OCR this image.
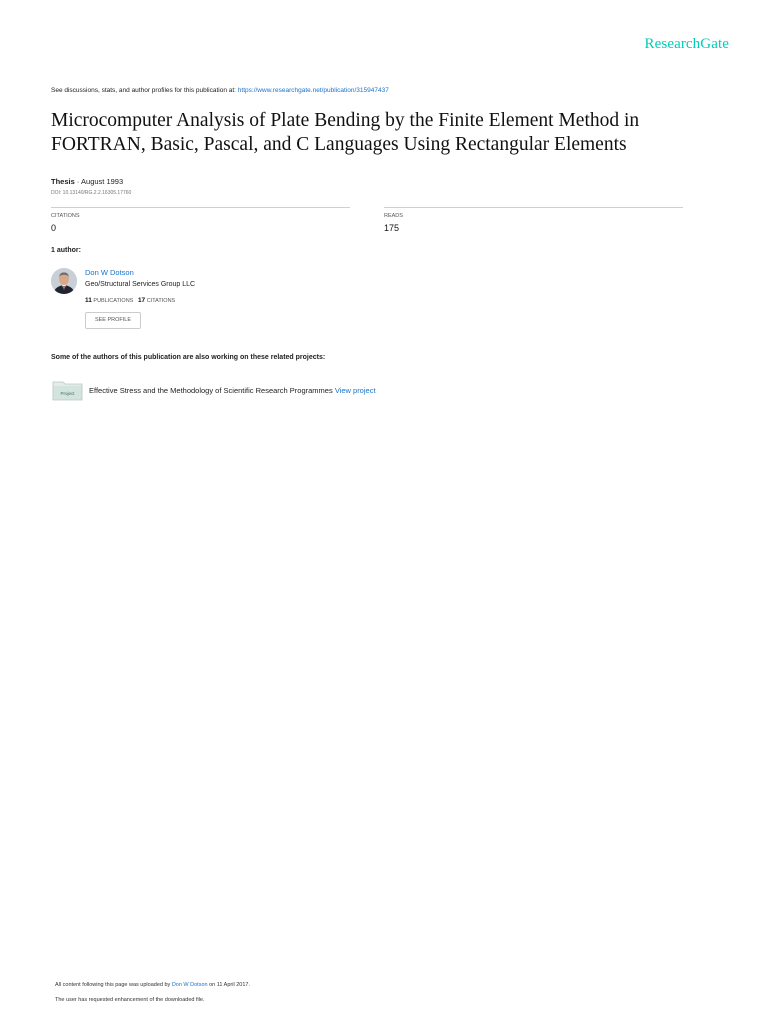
ResearchGate
See discussions, stats, and author profiles for this publication at: https://www.researchgate.net/publication/315947437
Microcomputer Analysis of Plate Bending by the Finite Element Method in FORTRAN, Basic, Pascal, and C Languages Using Rectangular Elements
Thesis · August 1993
DOI: 10.13140/RG.2.2.16305.17760
CITATIONS
0
READS
175
1 author:
Don W Dotson
Geo/Structural Services Group LLC
11 PUBLICATIONS 17 CITATIONS
SEE PROFILE
Some of the authors of this publication are also working on these related projects:
Project Effective Stress and the Methodology of Scientific Research Programmes View project
All content following this page was uploaded by Don W Dotson on 11 April 2017.
The user has requested enhancement of the downloaded file.
